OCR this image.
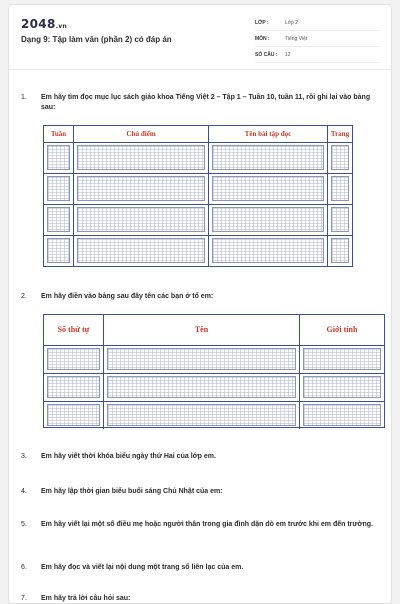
2048.vn
Dạng 9: Tập làm văn (phần 2) có đáp án
LỚP :	Lớp 2
MÔN :	Tiếng Việt
SỐ CÂU :	12
1. Em hãy tìm đọc mục lục sách giáo khoa Tiếng Việt 2 – Tập 1 – Tuần 10, tuần 11, rồi ghi lại vào bảng sau:
Tuần	Chủ điểm	Tên bài tập đọc	Trang
2. Em hãy điền vào bảng sau đây tên các bạn ở tổ em:
Số thứ tự	Tên	Giới tính
3. Em hãy viết thời khóa biểu ngày thứ Hai của lớp em.
4. Em hãy lập thời gian biểu buổi sáng Chủ Nhật của em:
5. Em hãy viết lại một số điều mẹ hoặc người thân trong gia đình dặn dò em trước khi em đến trường.
6. Em hãy đọc và viết lại nội dung một trang sổ liên lạc của em.
7. Em hãy trả lời câu hỏi sau:
